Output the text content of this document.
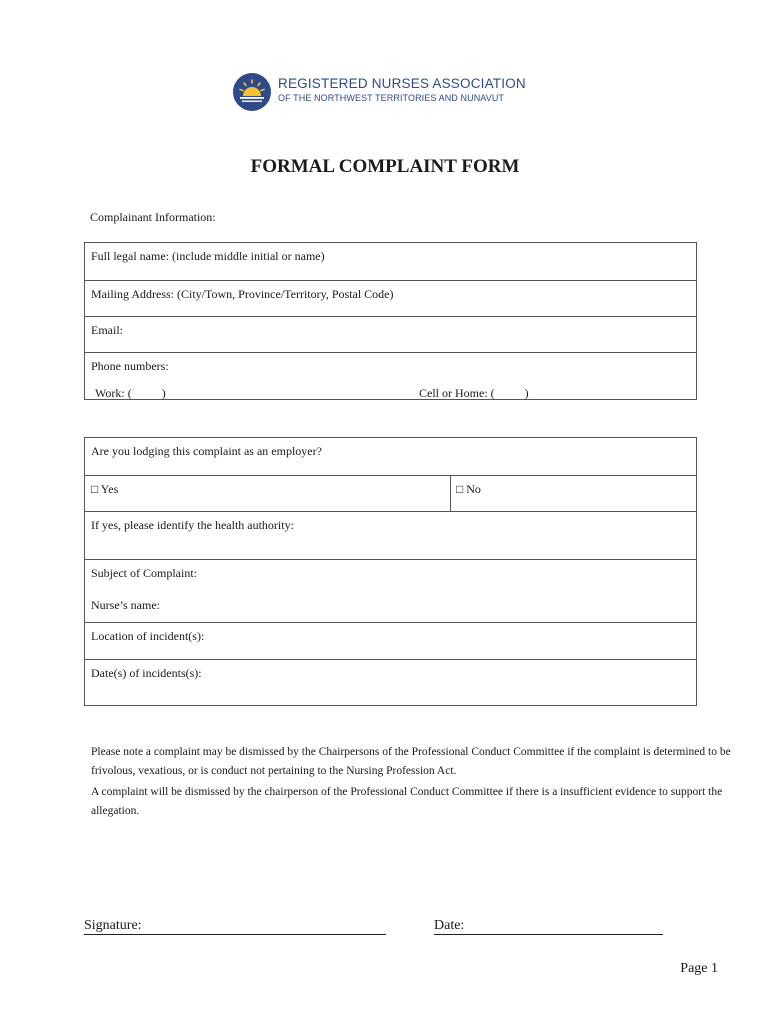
REGISTERED NURSES ASSOCIATION
OF THE NORTHWEST TERRITORIES AND NUNAVUT
FORMAL COMPLAINT FORM
Complainant Information:
Full legal name: (include middle initial or name)
Mailing Address: (City/Town, Province/Territory, Postal Code)
Email:
Phone numbers:
Work: (          )	Cell or Home: (          )
Are you lodging this complaint as an employer?
□ Yes	□ No
If yes, please identify the health authority:
Subject of Complaint:
Nurse’s name:
Location of incident(s):
Date(s) of incidents(s):
Please note a complaint may be dismissed by the Chairpersons of the Professional Conduct Committee if the complaint is determined to be frivolous, vexatious, or is conduct not pertaining to the Nursing Profession Act.
A complaint will be dismissed by the chairperson of the Professional Conduct Committee if there is a insufficient evidence to support the allegation.
Signature:	Date:
Page 1
